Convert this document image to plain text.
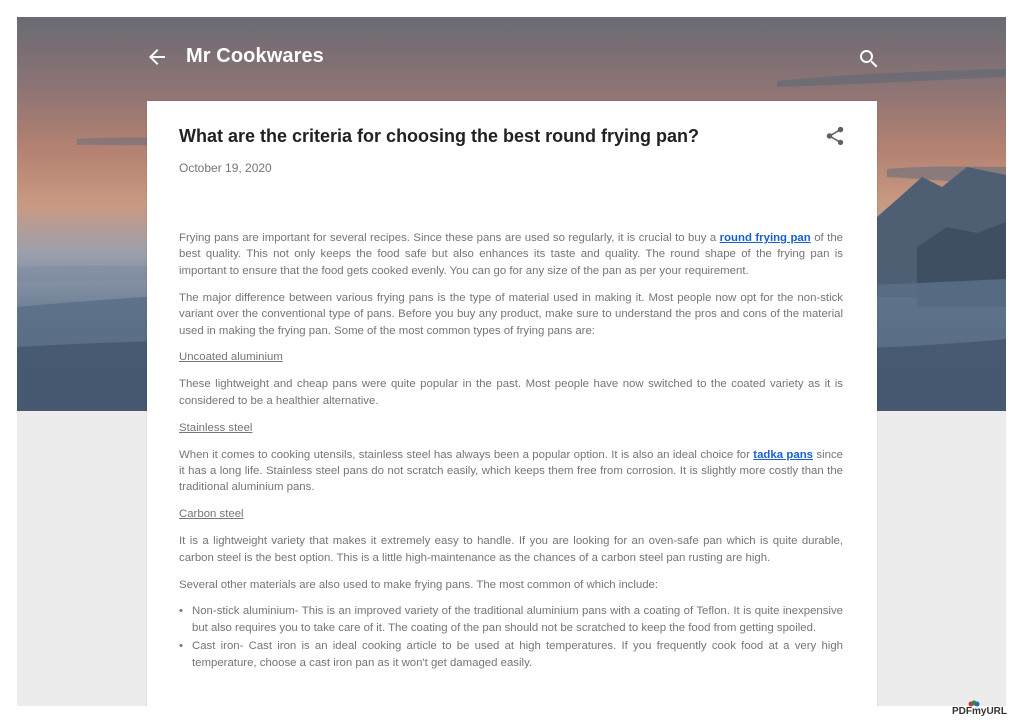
Mr Cookwares
What are the criteria for choosing the best round frying pan?
October 19, 2020

Frying pans are important for several recipes. Since these pans are used so regularly, it is crucial to buy a round frying pan of the best quality. This not only keeps the food safe but also enhances its taste and quality. The round shape of the frying pan is important to ensure that the food gets cooked evenly. You can go for any size of the pan as per your requirement.

The major difference between various frying pans is the type of material used in making it. Most people now opt for the non-stick variant over the conventional type of pans. Before you buy any product, make sure to understand the pros and cons of the material used in making the frying pan. Some of the most common types of frying pans are:

Uncoated aluminium

These lightweight and cheap pans were quite popular in the past. Most people have now switched to the coated variety as it is considered to be a healthier alternative.

Stainless steel

When it comes to cooking utensils, stainless steel has always been a popular option. It is also an ideal choice for tadka pans since it has a long life. Stainless steel pans do not scratch easily, which keeps them free from corrosion. It is slightly more costly than the traditional aluminium pans.

Carbon steel

It is a lightweight variety that makes it extremely easy to handle. If you are looking for an oven-safe pan which is quite durable, carbon steel is the best option. This is a little high-maintenance as the chances of a carbon steel pan rusting are high.

Several other materials are also used to make frying pans. The most common of which include:

• Non-stick aluminium- This is an improved variety of the traditional aluminium pans with a coating of Teflon. It is quite inexpensive but also requires you to take care of it. The coating of the pan should not be scratched to keep the food from getting spoiled.
• Cast iron- Cast iron is an ideal cooking article to be used at high temperatures. If you frequently cook food at a very high temperature, choose a cast iron pan as it won't get damaged easily.
PDFmyURL
